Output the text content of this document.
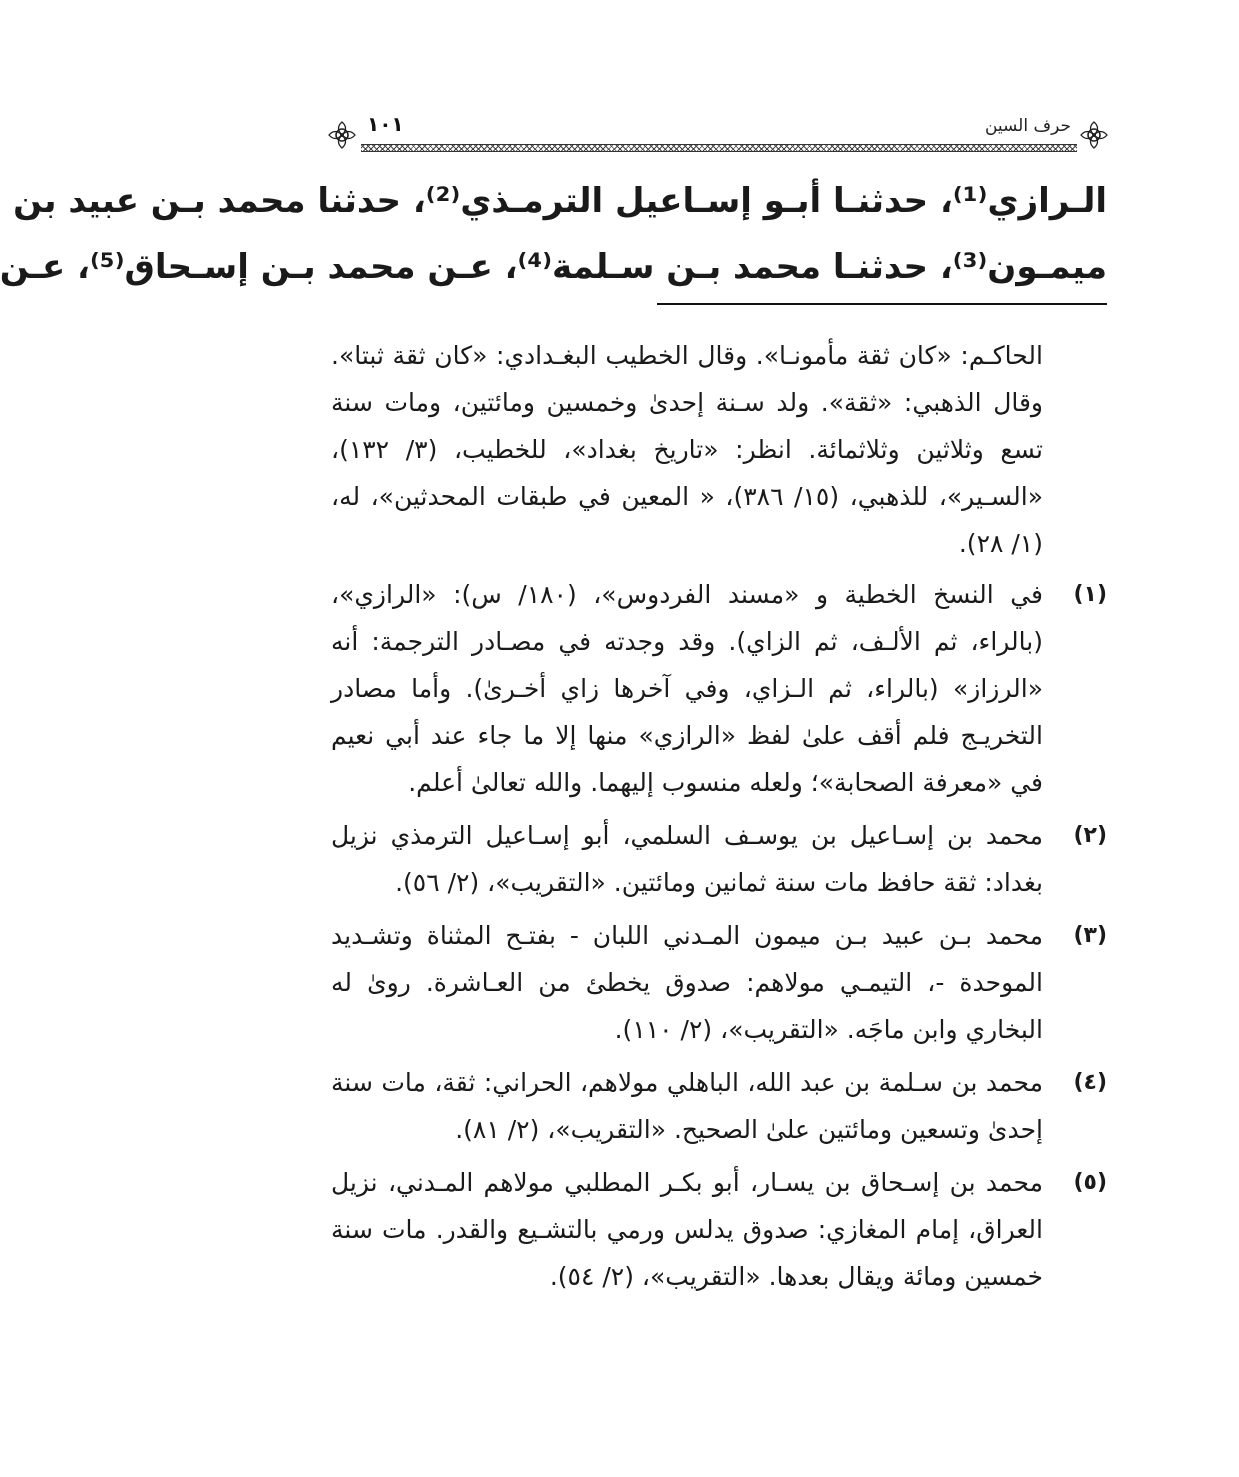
حرف السين
١٠١
الـرازي⁽¹⁾، حدثنـا أبـو إسـاعيل الترمـذي⁽²⁾، حدثنا محمد بـن عبيد بن
ميمـون⁽³⁾، حدثنـا محمد بـن سـلمة⁽⁴⁾، عـن محمد بـن إسـحاق⁽⁵⁾، عـن
الحاكـم: «كان ثقة مأمونـا». وقال الخطيب البغـدادي: «كان ثقة ثبتا». وقال الذهبي: «ثقة». ولد سـنة إحدىٰ وخمسين ومائتين، ومات سنة تسع وثلاثين وثلاثمائة. انظر: «تاريخ بغداد»، للخطيب، (٣/ ١٣٢)، «السـير»، للذهبي، (١٥/ ٣٨٦)، « المعين في طبقات المحدثين»، له، (١/ ٢٨).
(١)
في النسخ الخطية و «مسند الفردوس»، (١٨٠/ س): «الرازي»، (بالراء، ثم الألـف، ثم الزاي). وقد وجدته في مصـادر الترجمة: أنه «الرزاز» (بالراء، ثم الـزاي، وفي آخرها زاي أخـرىٰ). وأما مصادر التخريـج فلم أقف علىٰ لفظ «الرازي» منها إلا ما جاء عند أبي نعيم في «معرفة الصحابة»؛ ولعله منسوب إليهما. والله تعالىٰ أعلم.
(٢)
محمد بن إسـاعيل بن يوسـف السلمي، أبو إسـاعيل الترمذي نزيل بغداد: ثقة حافظ مات سنة ثمانين ومائتين. «التقريب»، (٢/ ٥٦).
(٣)
محمد بـن عبيد بـن ميمون المـدني اللبان - بفتـح المثناة وتشـديد الموحدة -، التيمـي مولاهم: صدوق يخطئ من العـاشرة. روىٰ له البخاري وابن ماجَه. «التقريب»، (٢/ ١١٠).
(٤)
محمد بن سـلمة بن عبد الله، الباهلي مولاهم، الحراني: ثقة، مات سنة إحدىٰ وتسعين ومائتين علىٰ الصحيح. «التقريب»، (٢/ ٨١).
(٥)
محمد بن إسـحاق بن يسـار، أبو بكـر المطلبي مولاهم المـدني، نزيل العراق، إمام المغازي: صدوق يدلس ورمي بالتشـيع والقدر. مات سنة خمسين ومائة ويقال بعدها. «التقريب»، (٢/ ٥٤).
